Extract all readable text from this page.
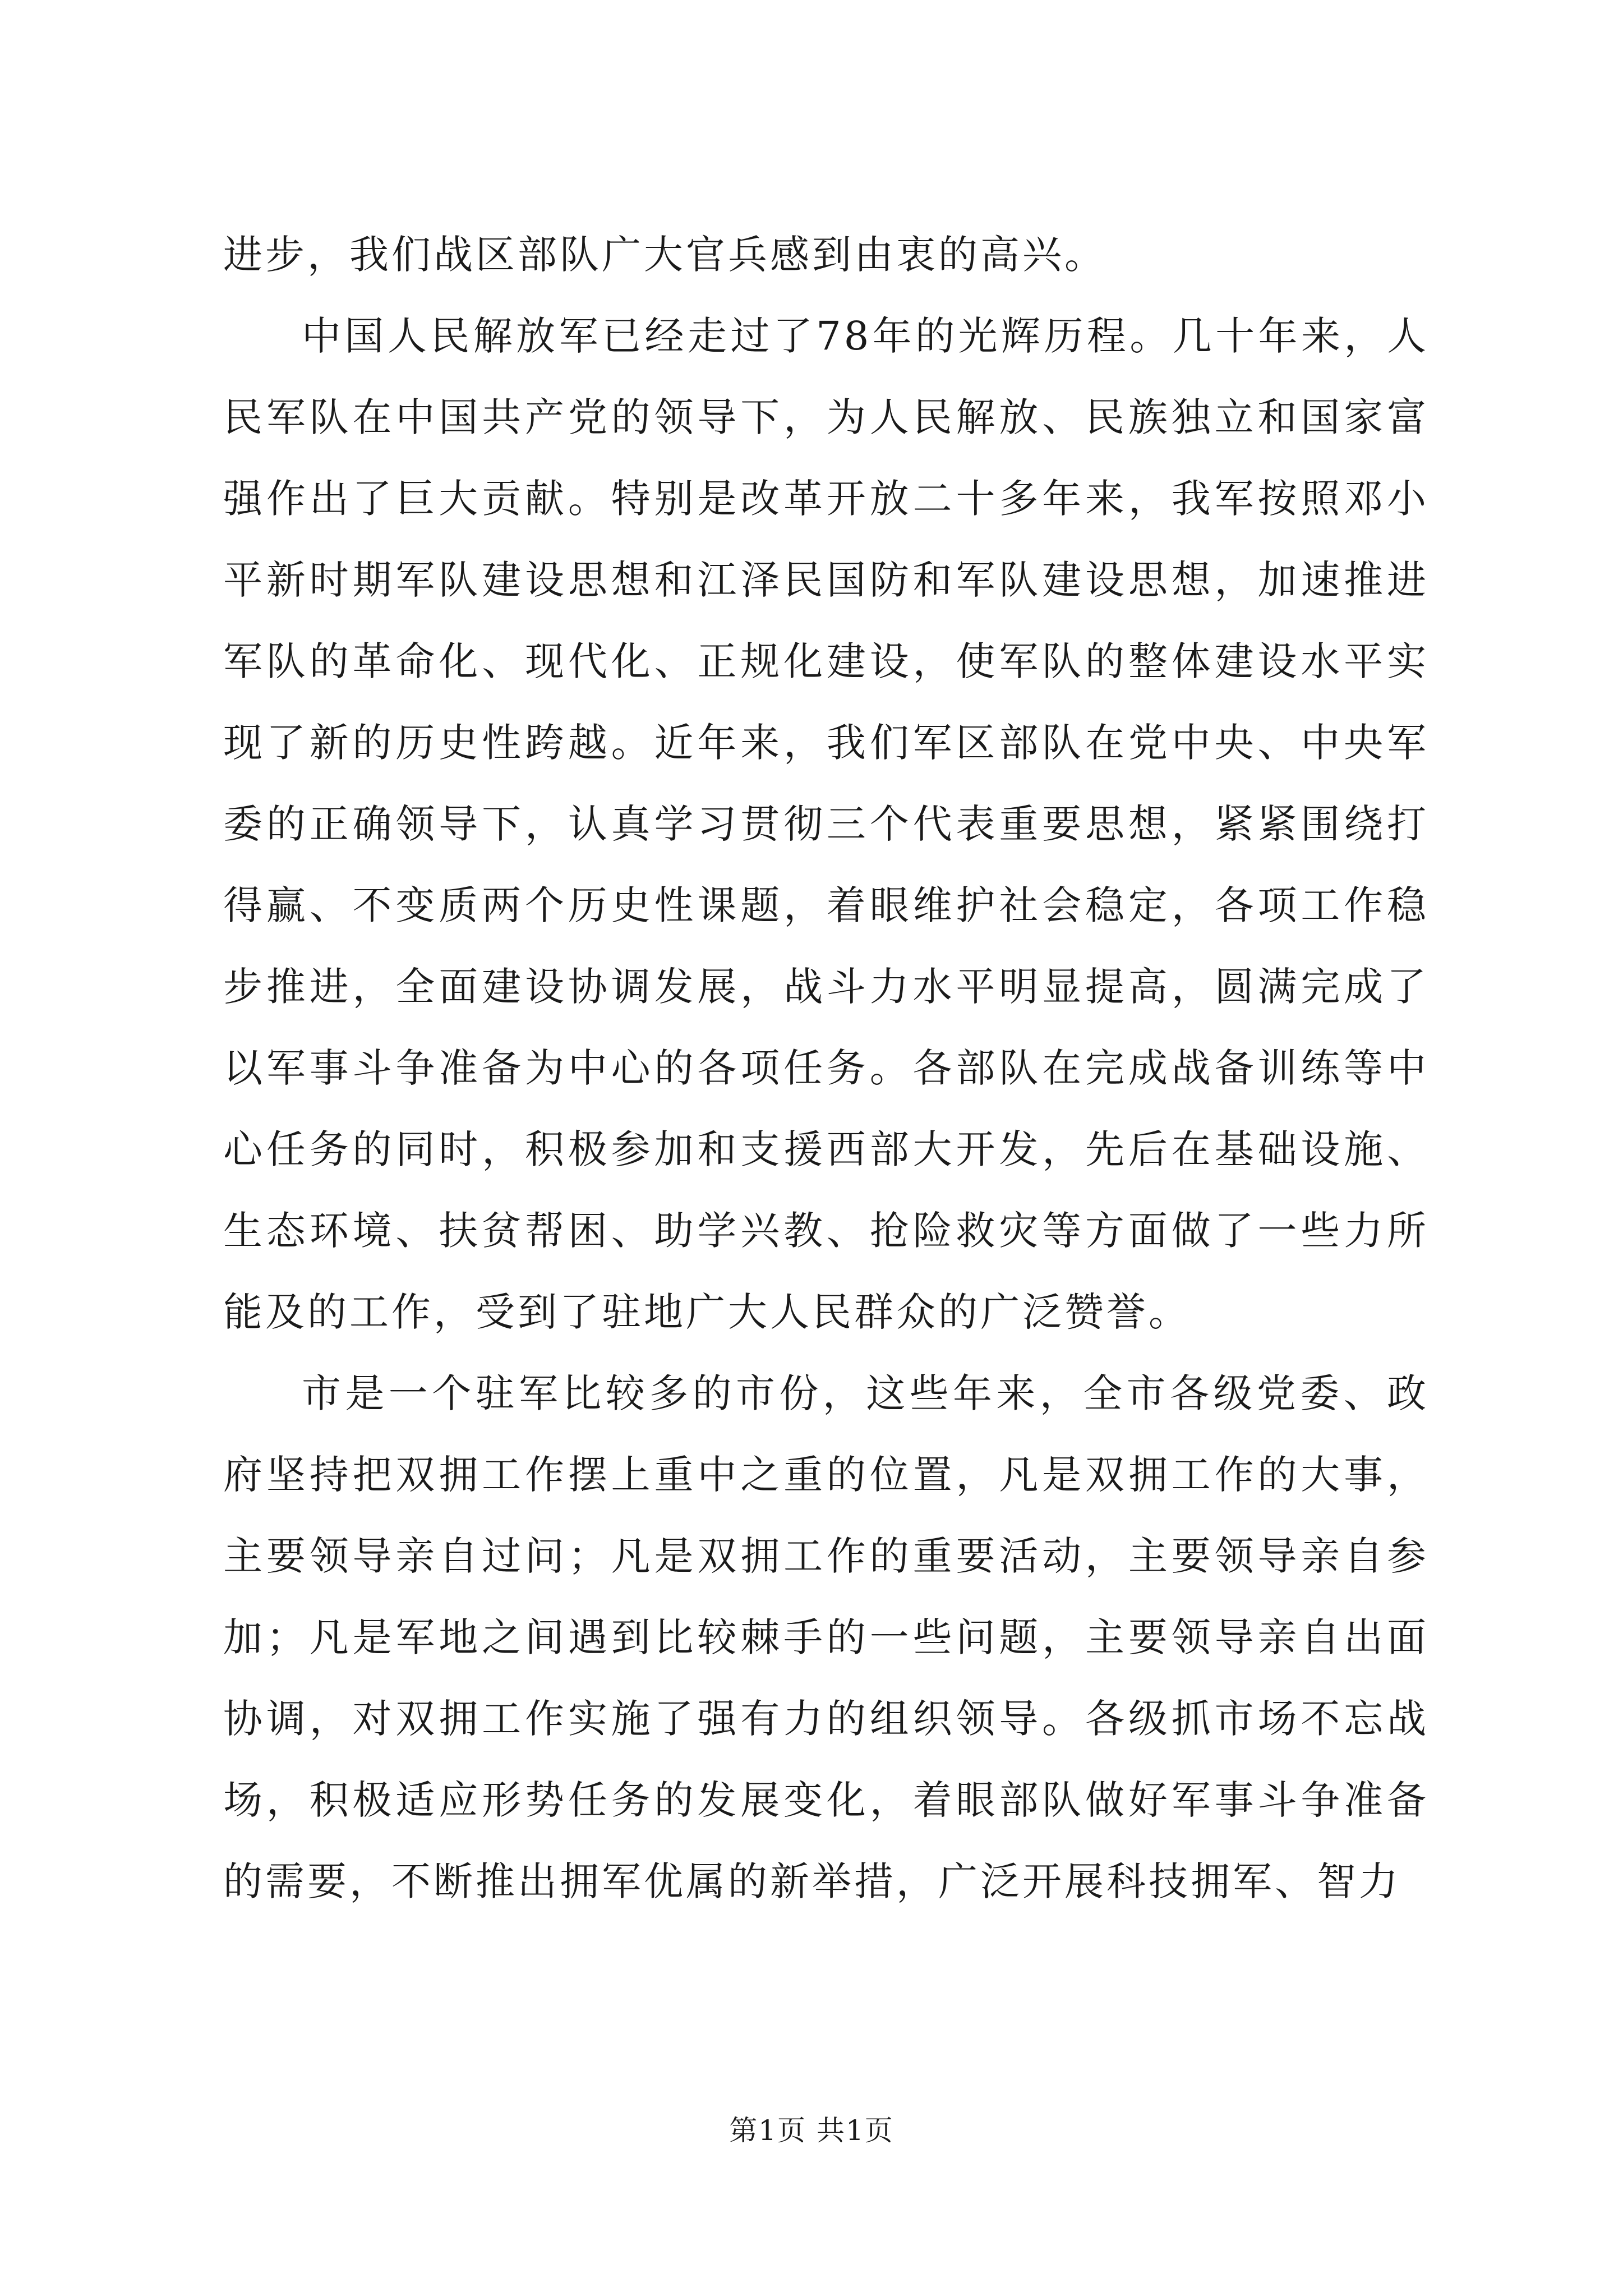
进步，我们战区部队广大官兵感到由衷的高兴。

中国人民解放军已经走过了78年的光辉历程。几十年来，人民军队在中国共产党的领导下，为人民解放、民族独立和国家富强作出了巨大贡献。特别是改革开放二十多年来，我军按照邓小平新时期军队建设思想和江泽民国防和军队建设思想，加速推进军队的革命化、现代化、正规化建设，使军队的整体建设水平实现了新的历史性跨越。近年来，我们军区部队在党中央、中央军委的正确领导下，认真学习贯彻三个代表重要思想，紧紧围绕打得赢、不变质两个历史性课题，着眼维护社会稳定，各项工作稳步推进，全面建设协调发展，战斗力水平明显提高，圆满完成了以军事斗争准备为中心的各项任务。各部队在完成战备训练等中心任务的同时，积极参加和支援西部大开发，先后在基础设施、生态环境、扶贫帮困、助学兴教、抢险救灾等方面做了一些力所能及的工作，受到了驻地广大人民群众的广泛赞誉。

市是一个驻军比较多的市份，这些年来，全市各级党委、政府坚持把双拥工作摆上重中之重的位置，凡是双拥工作的大事，主要领导亲自过问；凡是双拥工作的重要活动，主要领导亲自参加；凡是军地之间遇到比较棘手的一些问题，主要领导亲自出面协调，对双拥工作实施了强有力的组织领导。各级抓市场不忘战场，积极适应形势任务的发展变化，着眼部队做好军事斗争准备的需要，不断推出拥军优属的新举措，广泛开展科技拥军、智力

第1页 共1页
